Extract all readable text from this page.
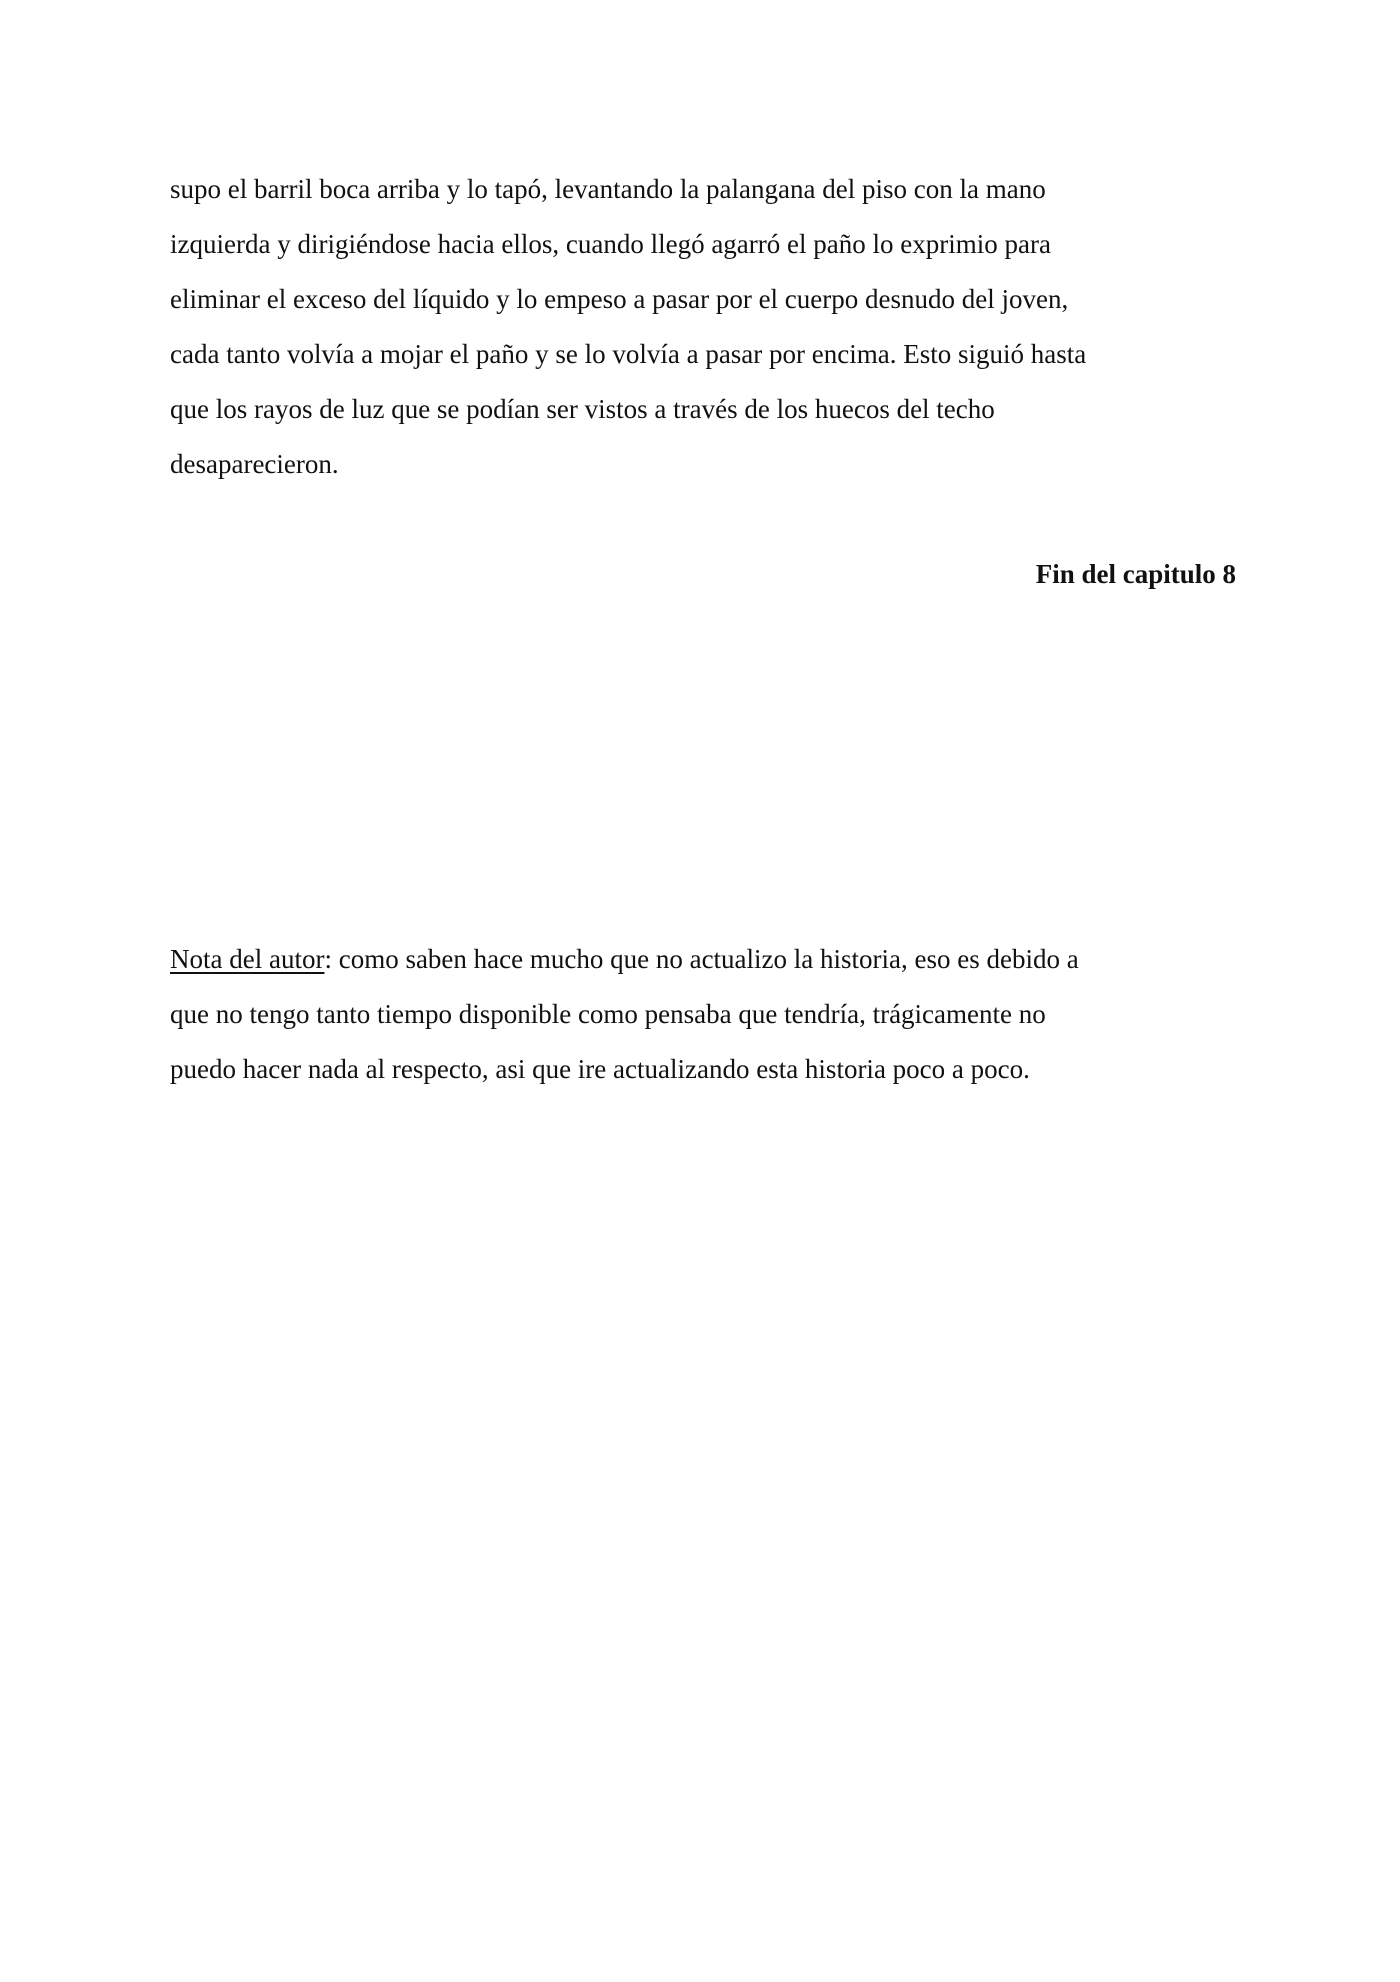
supo el barril boca arriba y lo tapó, levantando la palangana del piso con la mano
izquierda y dirigiéndose hacia ellos, cuando llegó agarró el paño lo exprimio para
eliminar el exceso del líquido y lo empeso a pasar por el cuerpo desnudo del joven,
cada tanto volvía a mojar el paño y se lo volvía a pasar por encima. Esto siguió hasta
que los rayos de luz que se podían ser vistos a través de los huecos del techo
desaparecieron.
Fin del capitulo 8
Nota del autor: como saben hace mucho que no actualizo la historia, eso es debido a
que no tengo tanto tiempo disponible como pensaba que tendría, trágicamente no
puedo hacer nada al respecto, asi que ire actualizando esta historia poco a poco.
